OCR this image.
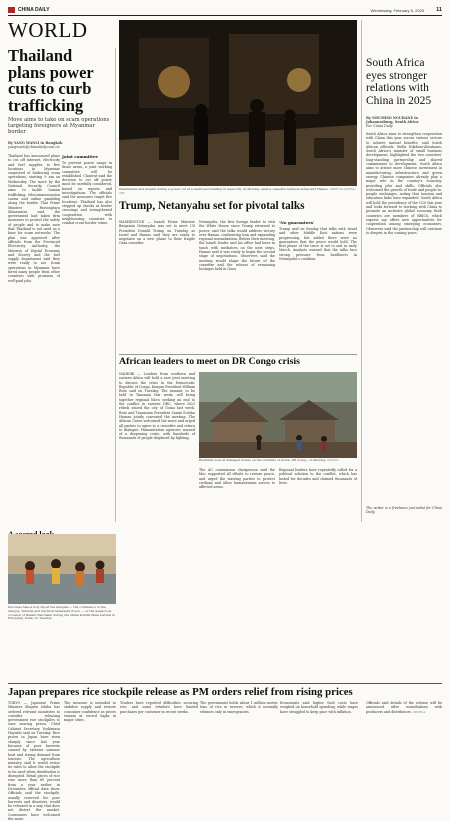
CHINA DAILY	Wednesday, February 5, 2025 11
WORLD
Thailand plans power cuts to curb trafficking
Move aims to take on scam operations targeting foreigners at Myanmar border
By YANG WANLI in Bangkok
yangwanli@chinadaily.com.cn
Thailand has announced plans to cut off internet, electricity and fuel supplies to five locations in Myanmar suspected of harboring scam operations, starting 9 am on Wednesday. The move by the National Security Council aims to tackle human trafficking, telecommunication scams and online gambling along the border. Thai Prime Minister Paetongtarn Shinawatra said the government had taken firm measures to protect the safety of people and to make sure that Thailand is not used as a base for scam networks. The plan was approved after officials from the Provincial Electricity Authority, the Ministry of Digital Economy and Society and the fuel supply department said they were ready to act. Scam operations in Myanmar have lured many people from other countries with promises of well-paid jobs.
Joint committee
To prevent power usage in those areas, a joint working committee will be established. Chaiwut said the decision to cut off power must be carefully considered, based on reports and investigations. The officials said the measures target five locations. Thailand has also stepped up checks at border crossings and strengthened cooperation with neighbouring countries to combat cross-border crime.
Palestinians and Israelis during a power cut at a destroyed building in Gaza City on Monday, amid a ceasefire between Israel and Hamas. OMAR AL-QATTAA / AFP
Trump, Netanyahu set for pivotal talks
WASHINGTON — Israeli Prime Minister Benjamin Netanyahu was set to meet US President Donald Trump on Tuesday as Israel and Hamas said they are ready to negotiate on a new phase to their fragile Gaza ceasefire.
Netanyahu, the first foreign leader to visit the White House since Trump returned to power, said the talks would address victory over Hamas, confronting Iran and expanding regional normalization. Before their meeting, the Israeli leader said his office had been in touch with mediators on the next steps. Hamas said it was ready to begin the second stage of negotiations. Observers said the meeting would shape the future of the ceasefire and the release of remaining hostages held in Gaza.
'No guarantees'
Trump said on Sunday that talks with Israel and other Middle East nations were progressing, but added there were no guarantees that the peace would hold. The first phase of the truce is set to end in early March. Analysts warned that the talks face strong pressure from hardliners in Netanyahu's coalition.
African leaders to meet on DR Congo crisis
NAIROBI — Leaders from southern and eastern Africa will hold a rare joint meeting to discuss the crisis in the Democratic Republic of Congo, Kenyan President William Ruto said on Tuesday. The summit, to be held in Tanzania this week, will bring together regional blocs seeking an end to the conflict in eastern DRC, where M23 rebels seized the city of Goma last week. Ruto and Tanzanian President Samia Suluhu Hassan jointly convened the meeting. The African Union welcomed the move and urged all parties to agree to a ceasefire and return to dialogue. Humanitarian agencies warned of a deepening crisis, with hundreds of thousands of people displaced by fighting.
Residents look at damaged homes on the outskirts of Goma, DR Congo, on Monday. XINHUA
The AU commission chairperson said the bloc supported all efforts to restore peace, and urged the warring parties to protect civilians and allow humanitarian access to affected areas.
Regional leaders have repeatedly called for a political solution to the conflict, which has lasted for decades and claimed thousands of lives.
South Africa eyes stronger relations with China in 2025
By NDUMISO NGUBANE in Johannesburg, South Africa
For China Daily
South Africa aims to strengthen cooperation with China this year across various sectors to achieve mutual benefits, said South African officials. Stella Ndabeni-Abrahams, South Africa's minister of small business development, highlighted the two countries' long-standing partnership and shared commitment to development. South Africa aims to attract more Chinese investment in manufacturing, infrastructure and green energy. Chinese companies already play a major role in the country's economy, providing jobs and skills. Officials also welcomed the growth of trade and people-to-people exchanges, noting that tourism and education links have expanded. South Africa will hold the presidency of the G20 this year and looks forward to working with China to promote an inclusive global economy. Both countries are members of BRICS, which experts say offers new opportunities for cooperation among emerging economies. Observers said the partnership will continue to deepen in the coming years.
The writer is a freelance journalist for China Daily.
Devotees take a holy dip at the Sangam — the confluence of the Ganges, Yamuna and mythical Saraswati rivers — on the auspicious occasion of Basant Panchami during the Maha Kumbh Mela festival in Prayagraj, India, on Tuesday.
Japan prepares rice stockpile release as PM orders relief from rising prices
TOKYO — Japanese Prime Minister Shigeru Ishiba has ordered relevant ministries to consider releasing government rice stockpiles to ease soaring prices, Chief Cabinet Secretary Yoshimasa Hayashi said on Tuesday. Rice prices in Japan have risen sharply since last year because of poor harvests caused by extreme summer heat and strong demand from tourists. The agriculture ministry said it would revise its rules to allow the stockpile to be used when distribution is disrupted. Retail prices of rice rose more than 60 percent from a year earlier in December, official data show. Officials said the stockpile, usually reserved for poor harvests and disasters, would be released in a way that does not distort the market. Consumers have welcomed the move.
The measure is intended to stabilise supply and restore consumer confidence as prices remain at record highs in major cities.
Traders have reported difficulties securing rice, and some retailers have limited purchases per customer in recent weeks.
The government holds about 1 million metric tons of rice in reserve, which it normally releases only in emergencies.
Economists said higher food costs have weighed on household spending, while wages have struggled to keep pace with inflation.
Officials said details of the release will be announced after consultations with producers and distributors. XINHUA
